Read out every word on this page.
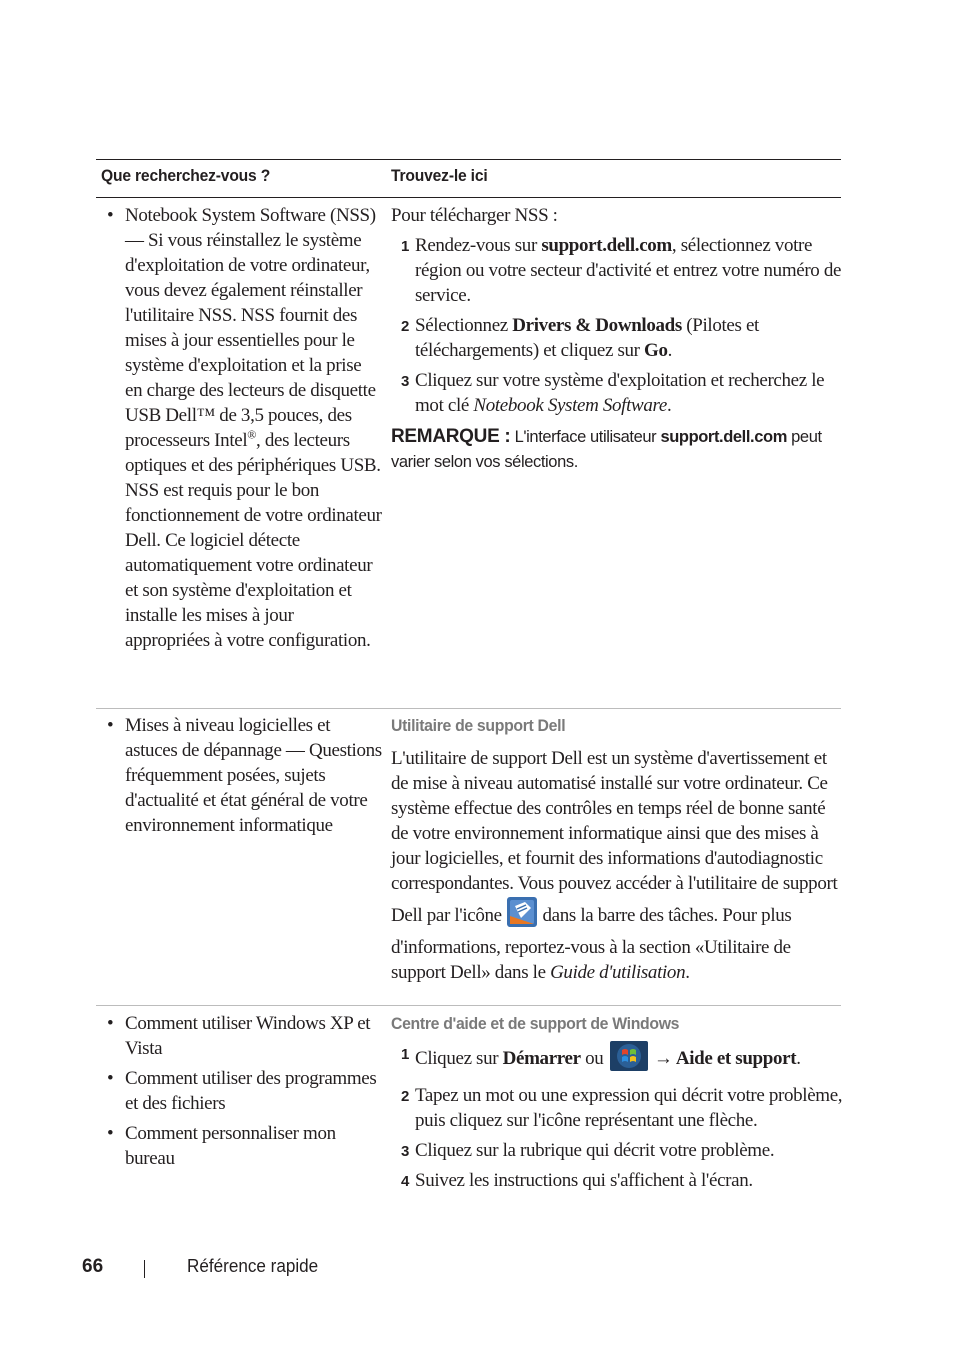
Que recherchez-vous ?	Trouvez-le ici
• Notebook System Software (NSS) — Si vous réinstallez le système d'exploitation de votre ordinateur, vous devez également réinstaller l'utilitaire NSS. NSS fournit des mises à jour essentielles pour le système d'exploitation et la prise en charge des lecteurs de disquette USB Dell™ de 3,5 pouces, des processeurs Intel®, des lecteurs optiques et des périphériques USB. NSS est requis pour le bon fonctionnement de votre ordinateur Dell. Ce logiciel détecte automatiquement votre ordinateur et son système d'exploitation et installe les mises à jour appropriées à votre configuration.
Pour télécharger NSS :
1 Rendez-vous sur support.dell.com, sélectionnez votre région ou votre secteur d'activité et entrez votre numéro de service.
2 Sélectionnez Drivers & Downloads (Pilotes et téléchargements) et cliquez sur Go.
3 Cliquez sur votre système d'exploitation et recherchez le mot clé Notebook System Software.
REMARQUE : L'interface utilisateur support.dell.com peut varier selon vos sélections.
• Mises à niveau logicielles et astuces de dépannage — Questions fréquemment posées, sujets d'actualité et état général de votre environnement informatique
Utilitaire de support Dell
L'utilitaire de support Dell est un système d'avertissement et de mise à niveau automatisé installé sur votre ordinateur. Ce système effectue des contrôles en temps réel de bonne santé de votre environnement informatique ainsi que des mises à jour logicielles, et fournit des informations d'autodiagnostic correspondantes. Vous pouvez accéder à l'utilitaire de support Dell par l'icône  dans la barre des tâches. Pour plus d'informations, reportez-vous à la section «Utilitaire de support Dell» dans le Guide d'utilisation.
• Comment utiliser Windows XP et Vista
• Comment utiliser des programmes et des fichiers
• Comment personnaliser mon bureau
Centre d'aide et de support de Windows
1 Cliquez sur Démarrer ou → Aide et support.
2 Tapez un mot ou une expression qui décrit votre problème, puis cliquez sur l'icône représentant une flèche.
3 Cliquez sur la rubrique qui décrit votre problème.
4 Suivez les instructions qui s'affichent à l'écran.
66	Référence rapide
